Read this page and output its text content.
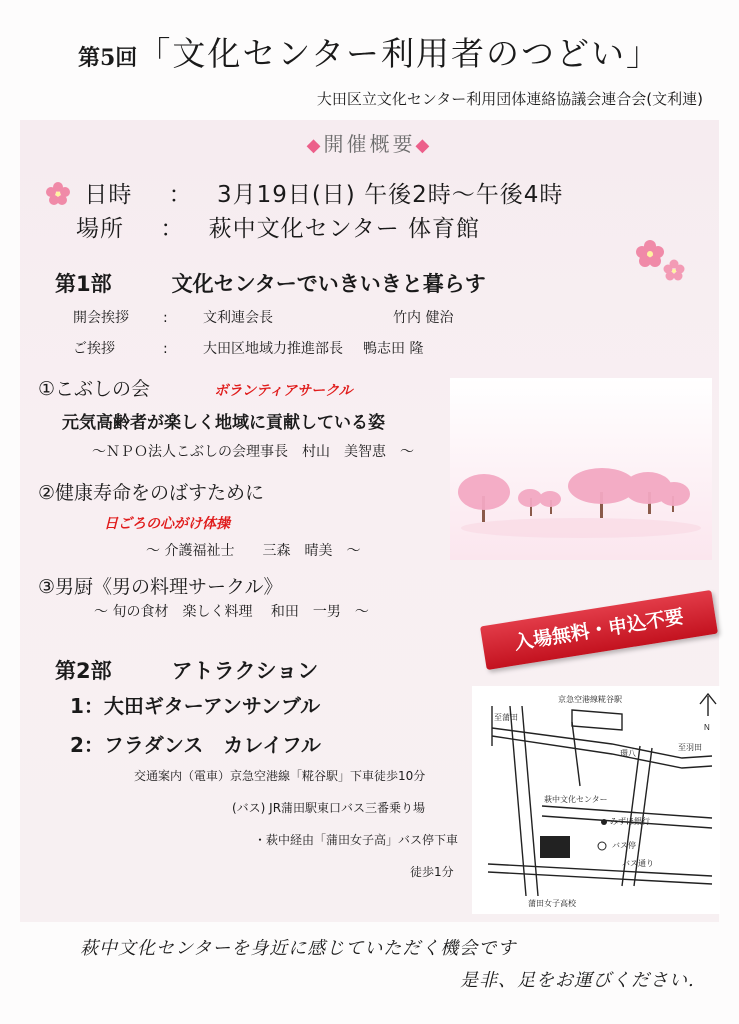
第5回「文化センター利用者のつどい」
大田区立文化センター利用団体連絡協議会連合会(文利連)
◆開催概要◆
日時 ： 3月19日(日) 午後2時～午後4時
場所 ： 萩中文化センター 体育館
第1部	文化センターでいきいきと暮らす
開会挨拶 :	文利連会長	竹内 健治
ご挨拶	:	大田区地域力推進部長 鴨志田 隆
①こぶしの会	ボランティアサークル
元気高齢者が楽しく地域に貢献している姿
～ＮＰＯ法人こぶしの会理事長　村山　美智恵　～
②健康寿命をのばすために
日ごろの心がけ体操
～ 介護福祉士　　三森　晴美　～
③男厨《男の料理サークル》
～ 旬の食材　楽しく料理　 和田　一男　～	入場無料・申込不要
第2部	アトラクション
1：大田ギターアンサンブル
2：フラダンス　カレイフル
交通案内（電車）京急空港線「糀谷駅」下車徒歩10分
(バス) JR蒲田駅東口バス三番乗り場
・萩中経由「蒲田女子高」バス停下車
徒歩1分
至蒲田
京急空港線糀谷駅
至羽田
環八
萩中文化センター
みずほ銀行
バス停
バス通り
蒲田女子高校
N
萩中文化センターを身近に感じていただく機会です
是非、足をお運びください.
